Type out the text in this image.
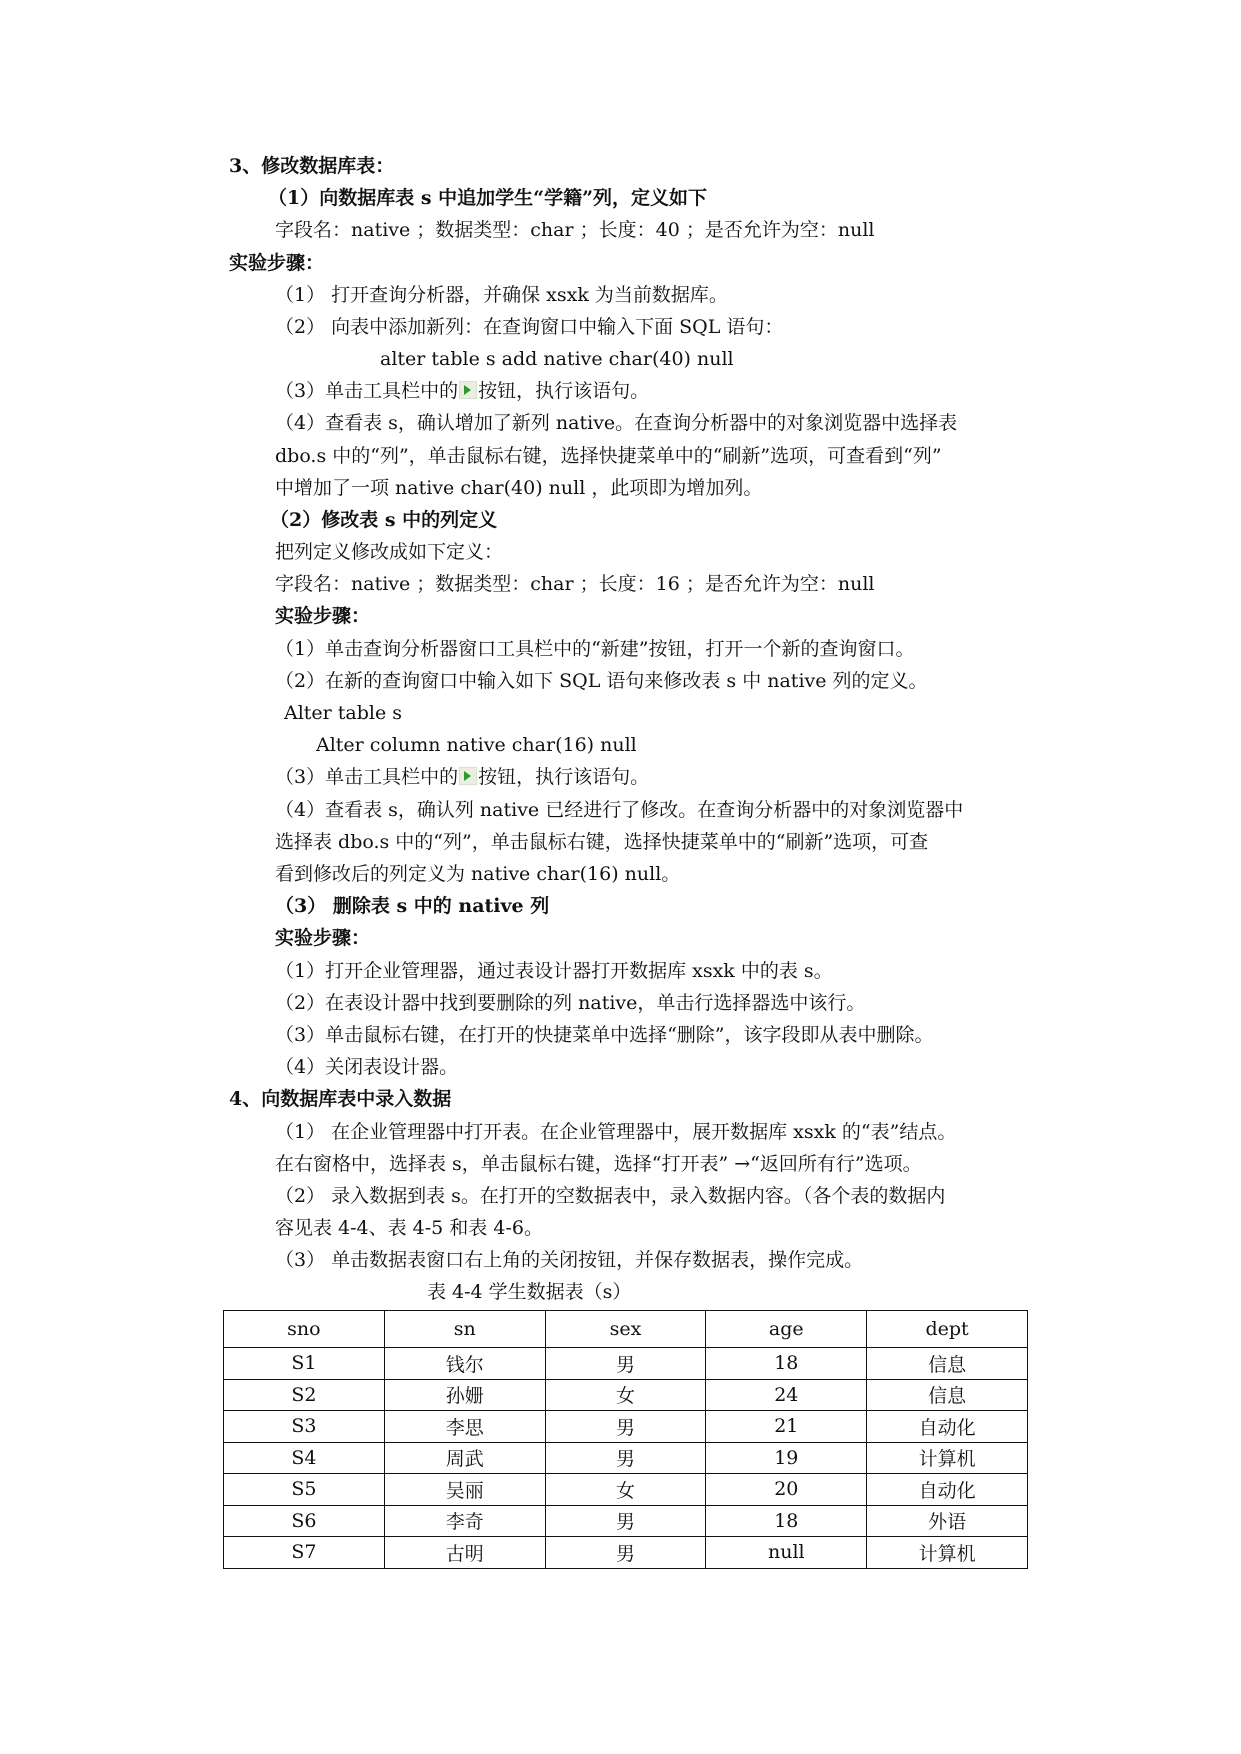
3、修改数据库表：
（1）向数据库表 s 中追加学生“学籍”列，定义如下
字段名：native ；数据类型：char ；长度：40 ；是否允许为空：null
实验步骤：
（1） 打开查询分析器，并确保 xsxk 为当前数据库。
（2） 向表中添加新列：在查询窗口中输入下面 SQL 语句：
alter table s add native char(40) null
（3）单击工具栏中的 按钮，执行该语句。
（4）查看表 s，确认增加了新列 native。在查询分析器中的对象浏览器中选择表
dbo.s 中的“列”，单击鼠标右键，选择快捷菜单中的“刷新”选项，可查看到“列”
中增加了一项 native char(40) null ，此项即为增加列。
（2）修改表 s 中的列定义
把列定义修改成如下定义：
字段名：native ；数据类型：char ；长度：16 ；是否允许为空：null
实验步骤：
（1）单击查询分析器窗口工具栏中的“新建”按钮，打开一个新的查询窗口。
（2）在新的查询窗口中输入如下 SQL 语句来修改表 s 中 native 列的定义。
Alter table s
Alter column native char(16) null
（3）单击工具栏中的 按钮，执行该语句。
（4）查看表 s，确认列 native 已经进行了修改。在查询分析器中的对象浏览器中
选择表 dbo.s 中的“列”，单击鼠标右键，选择快捷菜单中的“刷新”选项，可查
看到修改后的列定义为 native char(16) null。
（3） 删除表 s 中的 native 列
实验步骤：
（1）打开企业管理器，通过表设计器打开数据库 xsxk 中的表 s。
（2）在表设计器中找到要删除的列 native，单击行选择器选中该行。
（3）单击鼠标右键，在打开的快捷菜单中选择“删除”，该字段即从表中删除。
（4）关闭表设计器。
4、向数据库表中录入数据
（1） 在企业管理器中打开表。在企业管理器中，展开数据库 xsxk 的“表”结点。
在右窗格中，选择表 s，单击鼠标右键，选择“打开表” →“返回所有行”选项。
（2） 录入数据到表 s。在打开的空数据表中，录入数据内容。（各个表的数据内
容见表 4-4、表 4-5 和表 4-6。
（3） 单击数据表窗口右上角的关闭按钮，并保存数据表，操作完成。
表 4-4 学生数据表（s）
sno	sn	sex	age	dept
S1	钱尔	男	18	信息
S2	孙姗	女	24	信息
S3	李思	男	21	自动化
S4	周武	男	19	计算机
S5	吴丽	女	20	自动化
S6	李奇	男	18	外语
S7	古明	男	null	计算机
